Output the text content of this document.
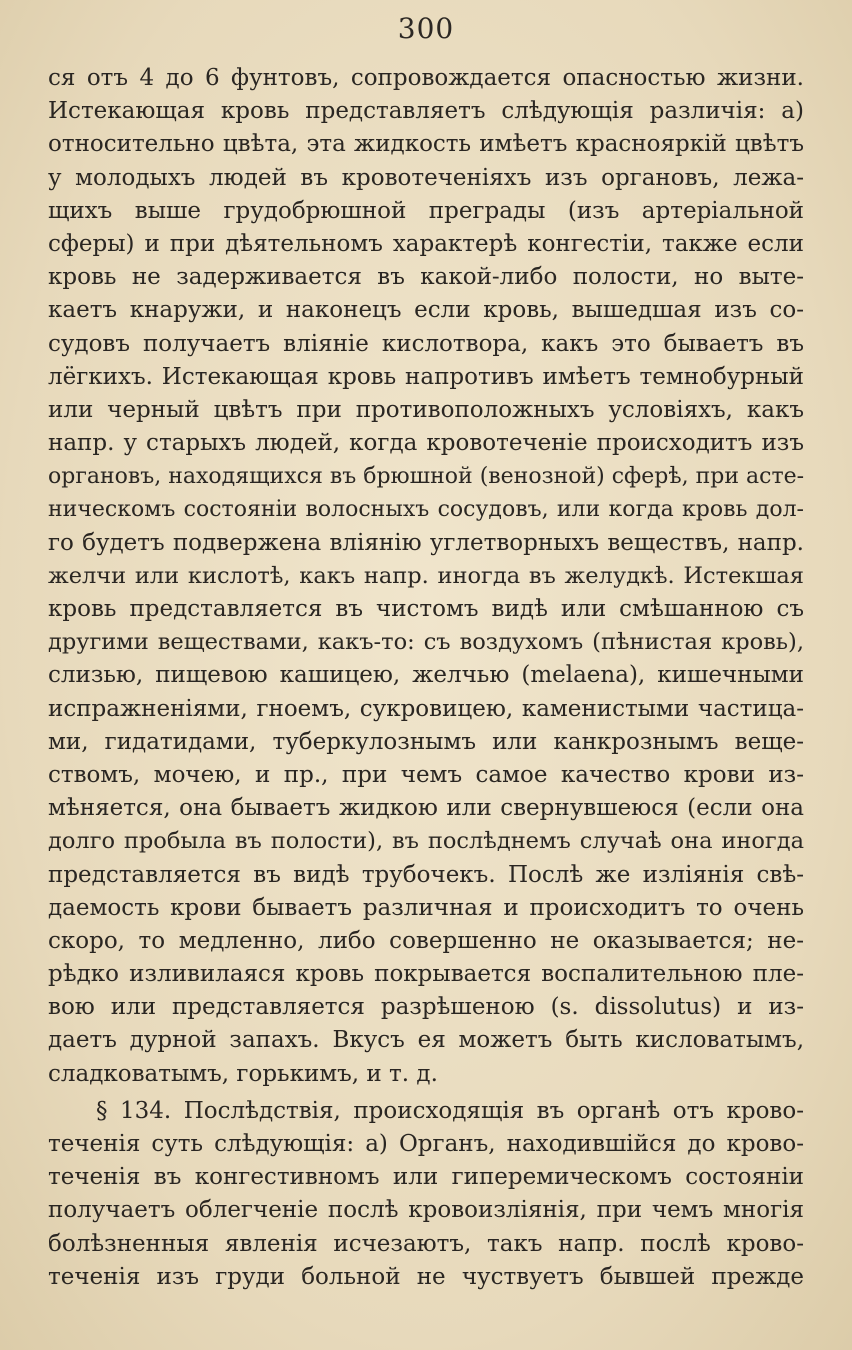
300
ся отъ 4 до 6 фунтовъ, сопровождается опасностью жизни.
Истекающая кровь представляетъ слѣдующія различія: а)
относительно цвѣта, эта жидкость имѣетъ краснояркій цвѣтъ
у молодыхъ людей въ кровотеченіяхъ изъ органовъ, лежа-
щихъ выше грудобрюшной преграды (изъ артеріальной
сферы) и при дѣятельномъ характерѣ конгестіи, также если
кровь не задерживается въ какой-либо полости, но выте-
каетъ кнаружи, и наконецъ если кровь, вышедшая изъ со-
судовъ получаетъ вліяніе кислотвора, какъ это бываетъ въ
лёгкихъ. Истекающая кровь напротивъ имѣетъ темнобурный
или черный цвѣтъ при противоположныхъ условіяхъ, какъ
напр. у старыхъ людей, когда кровотеченіе происходитъ изъ
органовъ, находящихся въ брюшной (венозной) сферѣ, при асте-
ническомъ состояніи волосныхъ сосудовъ, или когда кровь дол-
го будетъ подвержена вліянію углетворныхъ веществъ, напр.
желчи или кислотѣ, какъ напр. иногда въ желудкѣ. Истекшая
кровь представляется въ чистомъ видѣ или смѣшанною съ
другими веществами, какъ-то: съ воздухомъ (пѣнистая кровь),
слизью, пищевою кашицею, желчью (melaena), кишечными
испражненіями, гноемъ, сукровицею, каменистыми частица-
ми, гидатидами, туберкулознымъ или канкрознымъ веще-
ствомъ, мочею, и пр., при чемъ самое качество крови из-
мѣняется, она бываетъ жидкою или свернувшеюся (если она
долго пробыла въ полости), въ послѣднемъ случаѣ она иногда
представляется въ видѣ трубочекъ. Послѣ же изліянія свѣ-
даемость крови бываетъ различная и происходитъ то очень
скоро, то медленно, либо совершенно не оказывается; не-
рѣдко изливилаяся кровь покрывается воспалительною пле-
вою или представляется разрѣшеною (s. dissolutus) и из-
даетъ дурной запахъ. Вкусъ ея можетъ быть кисловатымъ,
сладковатымъ, горькимъ, и т. д.
§ 134. Послѣдствія, происходящія въ органѣ отъ крово-
теченія суть слѣдующія: а) Органъ, находившійся до крово-
теченія въ конгестивномъ или гиперемическомъ состояніи
получаетъ облегченіе послѣ кровоизліянія, при чемъ многія
болѣзненныя явленія исчезаютъ, такъ напр. послѣ крово-
теченія изъ груди больной не чуствуетъ бывшей прежде
